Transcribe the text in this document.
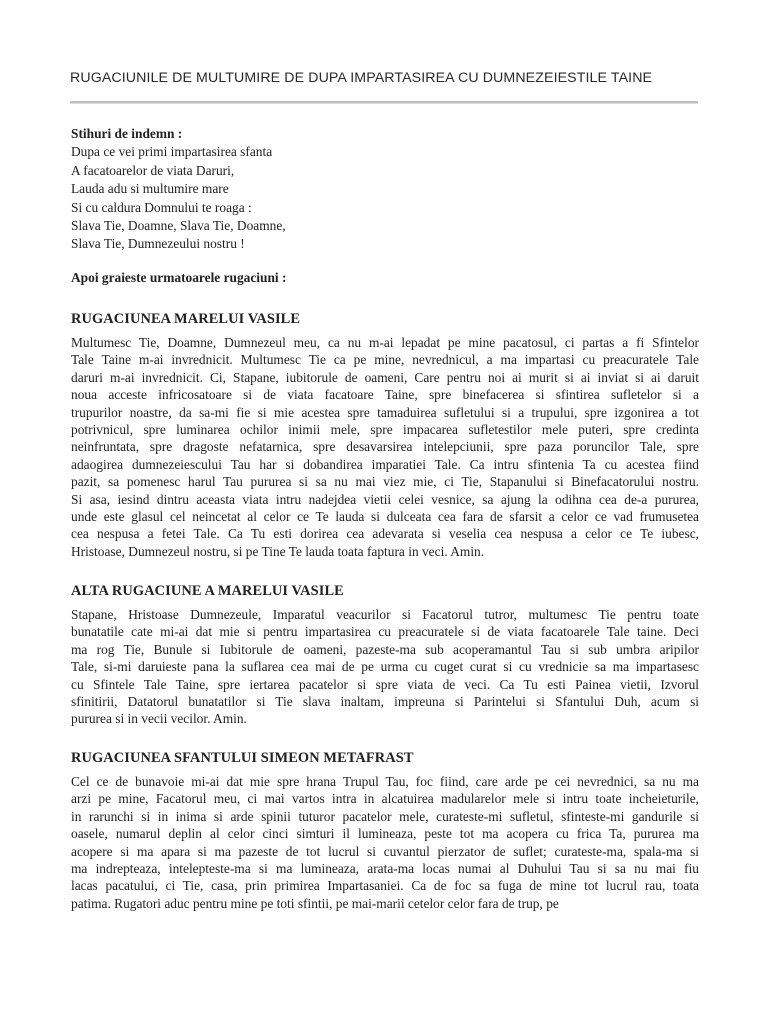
RUGACIUNILE DE MULTUMIRE DE DUPA IMPARTASIREA CU DUMNEZEIESTILE TAINE
Stihuri de indemn :
Dupa ce vei primi impartasirea sfanta
A facatoarelor de viata Daruri,
Lauda adu si multumire mare
Si cu caldura Domnului te roaga :
Slava Tie, Doamne, Slava Tie, Doamne,
Slava Tie, Dumnezeului nostru !
Apoi graieste urmatoarele rugaciuni :
RUGACIUNEA MARELUI VASILE
Multumesc Tie, Doamne, Dumnezeul meu, ca nu m-ai lepadat pe mine pacatosul, ci partas a fi Sfintelor
Tale Taine m-ai invrednicit. Multumesc Tie ca pe mine, nevrednicul, a ma impartasi cu preacuratele Tale
daruri m-ai invrednicit. Ci, Stapane, iubitorule de oameni, Care pentru noi ai murit si ai inviat si ai daruit
noua acceste infricosatoare si de viata facatoare Taine, spre binefacerea si sfintirea sufletelor si a
trupurilor noastre, da sa-mi fie si mie acestea spre tamaduirea sufletului si a trupului, spre izgonirea a tot
potrivnicul, spre luminarea ochilor inimii mele, spre impacarea sufletestilor mele puteri, spre credinta
neinfruntata, spre dragoste nefatarnica, spre desavarsirea intelepciunii, spre paza poruncilor Tale, spre
adaogirea dumnezeiescului Tau har si dobandirea imparatiei Tale. Ca intru sfintenia Ta cu acestea fiind
pazit, sa pomenesc harul Tau pururea si sa nu mai viez mie, ci Tie, Stapanului si Binefacatorului nostru.
Si asa, iesind dintru aceasta viata intru nadejdea vietii celei vesnice, sa ajung la odihna cea de-a pururea,
unde este glasul cel neincetat al celor ce Te lauda si dulceata cea fara de sfarsit a celor ce vad frumusetea
cea nespusa a fetei Tale. Ca Tu esti dorirea cea adevarata si veselia cea nespusa a celor ce Te iubesc,
Hristoase, Dumnezeul nostru, si pe Tine Te lauda toata faptura in veci. Amin.
ALTA RUGACIUNE A MARELUI VASILE
Stapane, Hristoase Dumnezeule, Imparatul veacurilor si Facatorul tutror, multumesc Tie pentru toate
bunatatile cate mi-ai dat mie si pentru impartasirea cu preacuratele si de viata facatoarele Tale taine. Deci
ma rog Tie, Bunule si Iubitorule de oameni, pazeste-ma sub acoperamantul Tau si sub umbra aripilor
Tale, si-mi daruieste pana la suflarea cea mai de pe urma cu cuget curat si cu vrednicie sa ma impartasesc
cu Sfintele Tale Taine, spre iertarea pacatelor si spre viata de veci. Ca Tu esti Painea vietii, Izvorul
sfinitirii, Datatorul bunatatilor si Tie slava inaltam, impreuna si Parintelui si Sfantului Duh, acum si
pururea si in vecii vecilor. Amin.
RUGACIUNEA SFANTULUI SIMEON METAFRAST
Cel ce de bunavoie mi-ai dat mie spre hrana Trupul Tau, foc fiind, care arde pe cei nevrednici, sa nu ma
arzi pe mine, Facatorul meu, ci mai vartos intra in alcatuirea madularelor mele si intru toate incheieturile,
in rarunchi si in inima si arde spinii tuturor pacatelor mele, curateste-mi sufletul, sfinteste-mi gandurile si
oasele, numarul deplin al celor cinci simturi il lumineaza, peste tot ma acopera cu frica Ta, pururea ma
acopere si ma apara si ma pazeste de tot lucrul si cuvantul pierzator de suflet; curateste-ma, spala-ma si
ma indrepteaza, intelepteste-ma si ma lumineaza, arata-ma locas numai al Duhului Tau si sa nu mai fiu
lacas pacatului, ci Tie, casa, prin primirea Impartasaniei. Ca de foc sa fuga de mine tot lucrul rau, toata
patima. Rugatori aduc pentru mine pe toti sfintii, pe mai-marii cetelor celor fara de trup, pe
